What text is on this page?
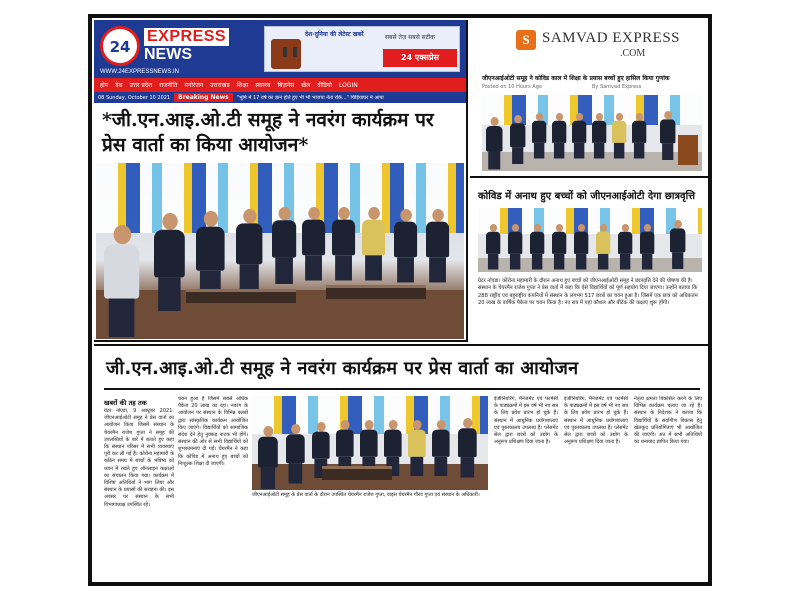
24
EXPRESS
NEWS
WWW.24EXPRESSNEWS.IN
देश-दुनिया की लेटेस्ट खबरें	सबसे तेज़ सबसे सटीक
24 एक्सप्रेस
होम देश उत्तर प्रदेश राजनीति मनोरंजन उत्तराखंड शिक्षा स्वास्थ्य बिज़नेस खेल वीडियो LOGIN
08 Sunday, October 10 2021	Breaking News	"भूमि में 17 वर्ष का ज्ञान होते हुए भी भी भाजपा नेता रोके..." चिड़ियाघर में आया
*जी.एन.आइ.ओ.टी समूह ने नवरंग कार्यक्रम पर प्रेस वार्ता का किया आयोजन*
S SAMVAD EXPRESS
.COM
जीएनआईओटी समूह ने कोविड काल में शिक्षा के प्रयास बच्चों हुए हासिल किया गुणांक
Posted on 10 Hours Ago	By Samvad Express
कोविड में अनाथ हुए बच्चों को जीएनआईओटी देगा छात्रवृत्ति
ग्रेटर नोएडा। कोरोना महामारी के दौरान अनाथ हुए बच्चों को जीएनआईओटी समूह ने छात्रवृत्ति देने की घोषणा की है। संस्थान के चेयरमैन राजेश गुप्ता ने प्रेस वार्ता में कहा कि ऐसे विद्यार्थियों को पूर्ण सहयोग दिया जाएगा। उन्होंने बताया कि 288 राष्ट्रीय एवं बहुराष्ट्रीय कंपनियों में संस्थान के लगभग 517 छात्रों का चयन हुआ है। जिसमें एक छात्र को अधिकतम 20 लाख के वार्षिक पैकेज पर चयन किया है। नए सत्र में यहां कौशल और बीटेक की कक्षाएं शुरू होंगी।
जी.एन.आइ.ओ.टी समूह ने नवरंग कार्यक्रम पर प्रेस वार्ता का आयोजन
खबरों की तह तक
ग्रेटर नोएडा, 9 अक्टूबर 2021. जीएनआईओटी समूह ने प्रेस वार्ता का आयोजन किया जिसमें संस्थान के चेयरमैन राजेश गुप्ता ने समूह की उपलब्धियों के बारे में बताते हुए कहा कि संस्थान परिसर में सभी व्यवस्थाएं पूरी कर ली गई हैं। कोरोना महामारी के कठिन समय में बच्चों के भविष्य को ध्यान में रखते हुए ऑनलाइन कक्षाओं का संचालन किया गया। कार्यक्रम में विशिष्ट अतिथियों ने भाग लिया और संस्थान के प्रयासों की सराहना की। इस अवसर पर संस्थान के सभी विभागाध्यक्ष उपस्थित रहे।
चयन हुआ है जिसमें सबसे अधिक पैकेज 20 लाख का रहा। नवरंग के आयोजन पर संस्थान के विभिन्न क्लबों द्वारा सांस्कृतिक कार्यक्रम आयोजित किए जाएंगे। विद्यार्थियों को सामाजिक संदेश देने हेतु नुक्कड़ नाटक भी होंगे। संस्थान की ओर से सभी विद्यार्थियों को शुभकामनाएं दी गईं। चेयरमैन ने कहा कि कोविड में अनाथ हुए बच्चों को निःशुल्क शिक्षा दी जाएगी।
जीएनआईओटी समूह के प्रेस वार्ता के दौरान उपस्थित चेयरमैन राजेश गुप्ता, वाइस चेयरमैन गौरव गुप्ता एवं संस्थान के अधिकारी।
इंजीनियरिंग, मैनेजमेंट एवं फार्मेसी के पाठ्यक्रमों में इस वर्ष भी नए सत्र के लिए प्रवेश प्रारंभ हो चुके हैं। संस्थान में आधुनिक प्रयोगशालाएं एवं पुस्तकालय उपलब्ध हैं। प्लेसमेंट सेल द्वारा छात्रों को उद्योग के अनुरूप प्रशिक्षण दिया जाता है।
इंजीनियरिंग, मैनेजमेंट एवं फार्मेसी के पाठ्यक्रमों में इस वर्ष भी नए सत्र के लिए प्रवेश प्रारंभ हो चुके हैं। संस्थान में आधुनिक प्रयोगशालाएं एवं पुस्तकालय उपलब्ध हैं। प्लेसमेंट सेल द्वारा छात्रों को उद्योग के अनुरूप प्रशिक्षण दिया जाता है।
नेतृत्व क्षमता विकसित करने के लिए विभिन्न कार्यक्रम चलाए जा रहे हैं। संस्थान के निदेशक ने बताया कि विद्यार्थियों के सर्वांगीण विकास हेतु खेलकूद प्रतियोगिताएं भी आयोजित की जाएंगी। अंत में सभी अतिथियों का धन्यवाद ज्ञापित किया गया।
